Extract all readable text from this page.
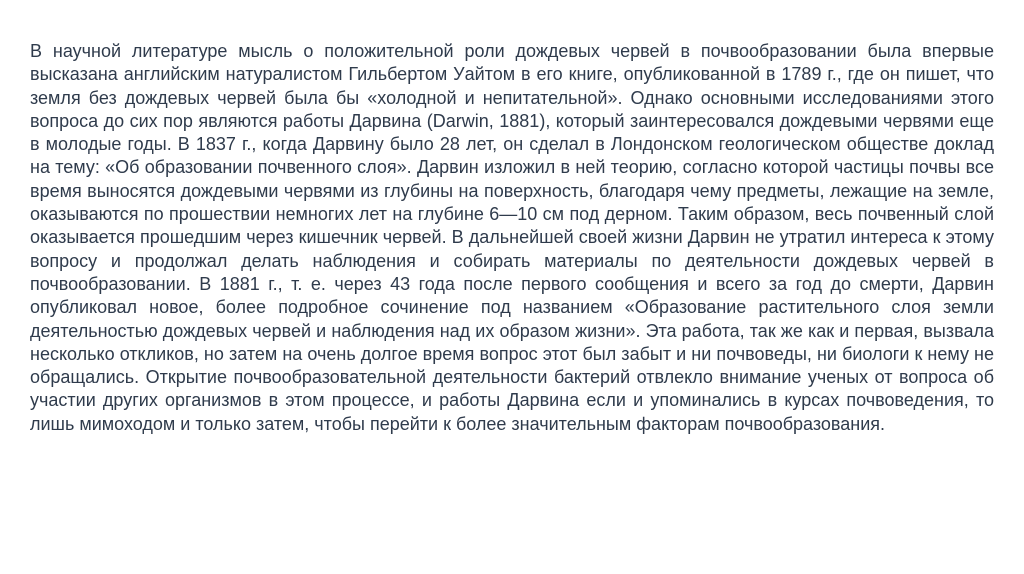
В научной литературе мысль о положительной роли дождевых червей в почвообразовании была впервые высказана английским натуралистом Гильбертом Уайтом в его книге, опубликованной в 1789 г., где он пишет, что земля без дождевых червей была бы «холодной и непитательной». Однако основными исследованиями этого вопроса до сих пор являются работы Дарвина (Darwin, 1881), который заинтересовался дождевыми червями еще в молодые годы. В 1837 г., когда Дарвину было 28 лет, он сделал в Лондонском геологическом обществе доклад на тему: «Об образовании почвенного слоя». Дарвин изложил в ней теорию, согласно которой частицы почвы все время выносятся дождевыми червями из глубины на поверхность, благодаря чему предметы, лежащие на земле, оказываются по прошествии немногих лет на глубине 6—10 см под дерном. Таким образом, весь почвенный слой оказывается прошедшим через кишечник червей. В дальнейшей своей жизни Дарвин не утратил интереса к этому вопросу и продолжал делать наблюдения и собирать материалы по деятельности дождевых червей в почвообразовании. В 1881 г., т. е. через 43 года после первого сообщения и всего за год до смерти, Дарвин опубликовал новое, более подробное сочинение под названием «Образование растительного слоя земли деятельностью дождевых червей и наблюдения над их образом жизни». Эта работа, так же как и первая, вызвала несколько откликов, но затем на очень долгое время вопрос этот был забыт и ни почвоведы, ни биологи к нему не обращались. Открытие почвообразовательной деятельности бактерий отвлекло внимание ученых от вопроса об участии других организмов в этом процессе, и работы Дарвина если и упоминались в курсах почвоведения, то лишь мимоходом и только затем, чтобы перейти к более значительным факторам почвообразования.
